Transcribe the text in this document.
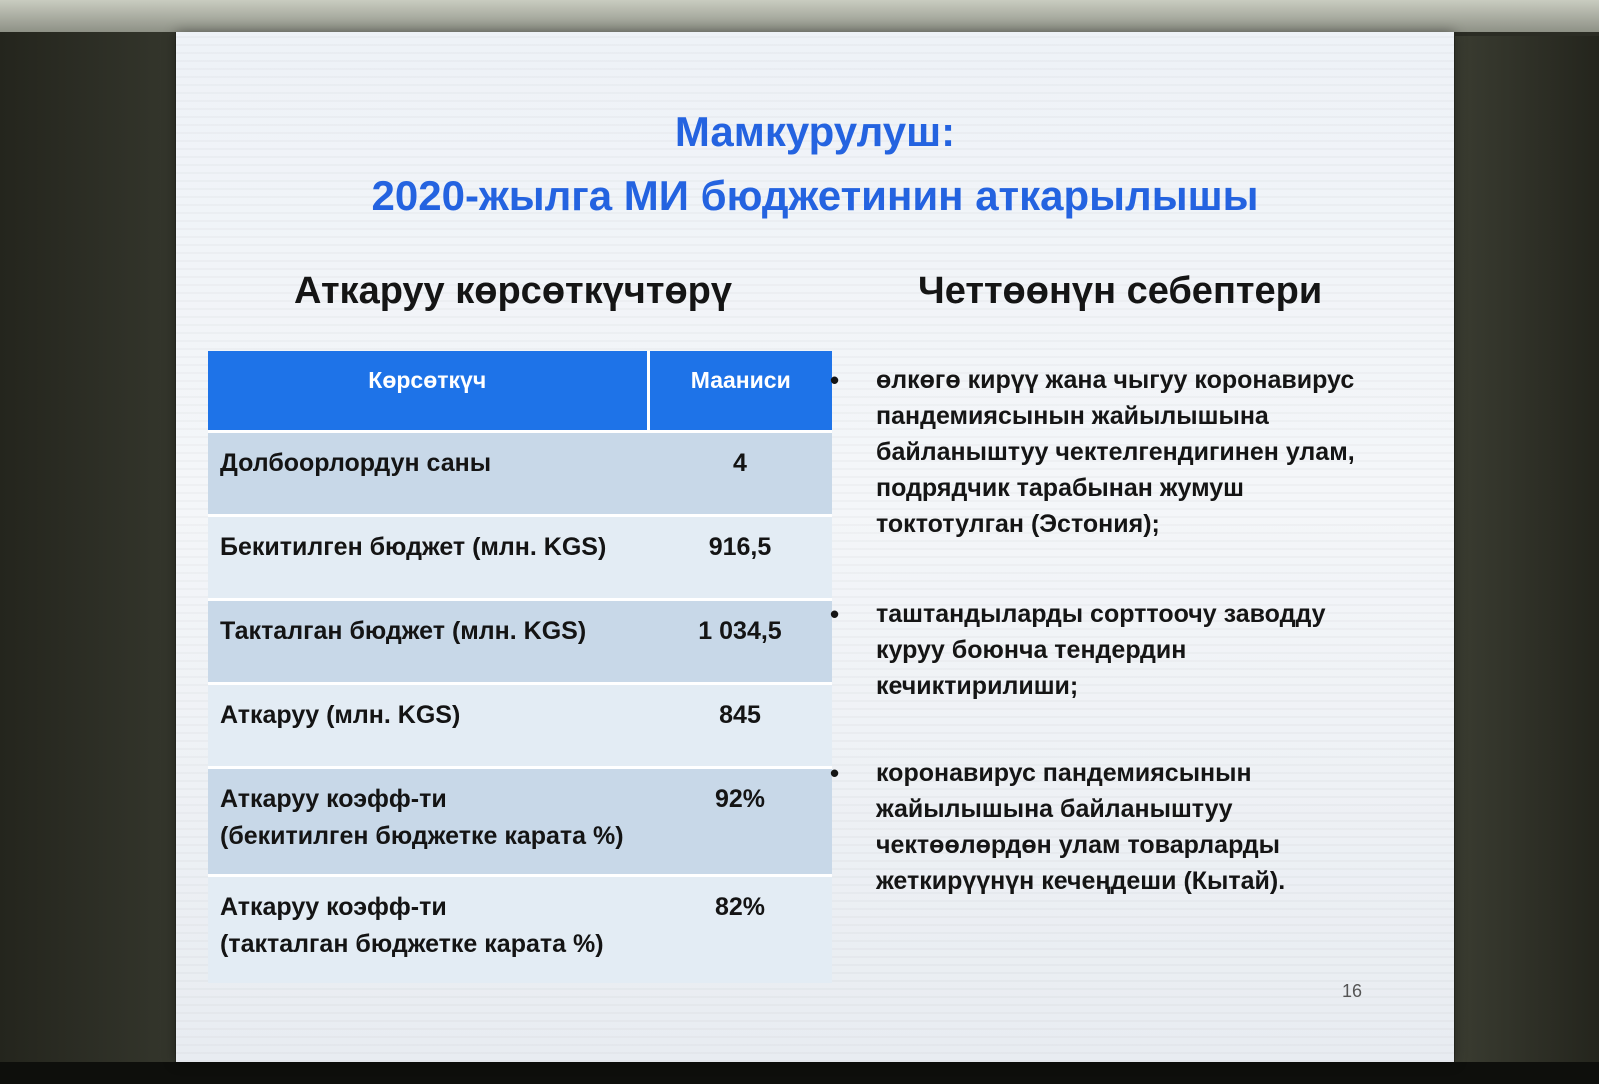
Мамкурулуш:
2020-жылга МИ бюджетинин аткарылышы
Аткаруу көрсөткүчтөрү	Четтөөнүн себептери
Көрсөткүч	Мааниси
Долбоорлордун саны	4
Бекитилген бюджет (млн. KGS)	916,5
Такталган бюджет (млн. KGS)	1 034,5
Аткаруу (млн. KGS)	845
Аткаруу коэфф-ти
(бекитилген бюджетке карата %)	92%
Аткаруу коэфф-ти
(такталган бюджетке карата %)	82%
• өлкөгө кирүү жана чыгуу коронавирус пандемиясынын жайылышына байланыштуу чектелгендигинен улам, подрядчик тарабынан жумуш токтотулган (Эстония);
• таштандыларды сорттоочу заводду куруу боюнча тендердин кечиктирилиши;
• коронавирус пандемиясынын жайылышына байланыштуу чектөөлөрдөн улам товарларды жеткирүүнүн кечеңдеши (Кытай).
16
